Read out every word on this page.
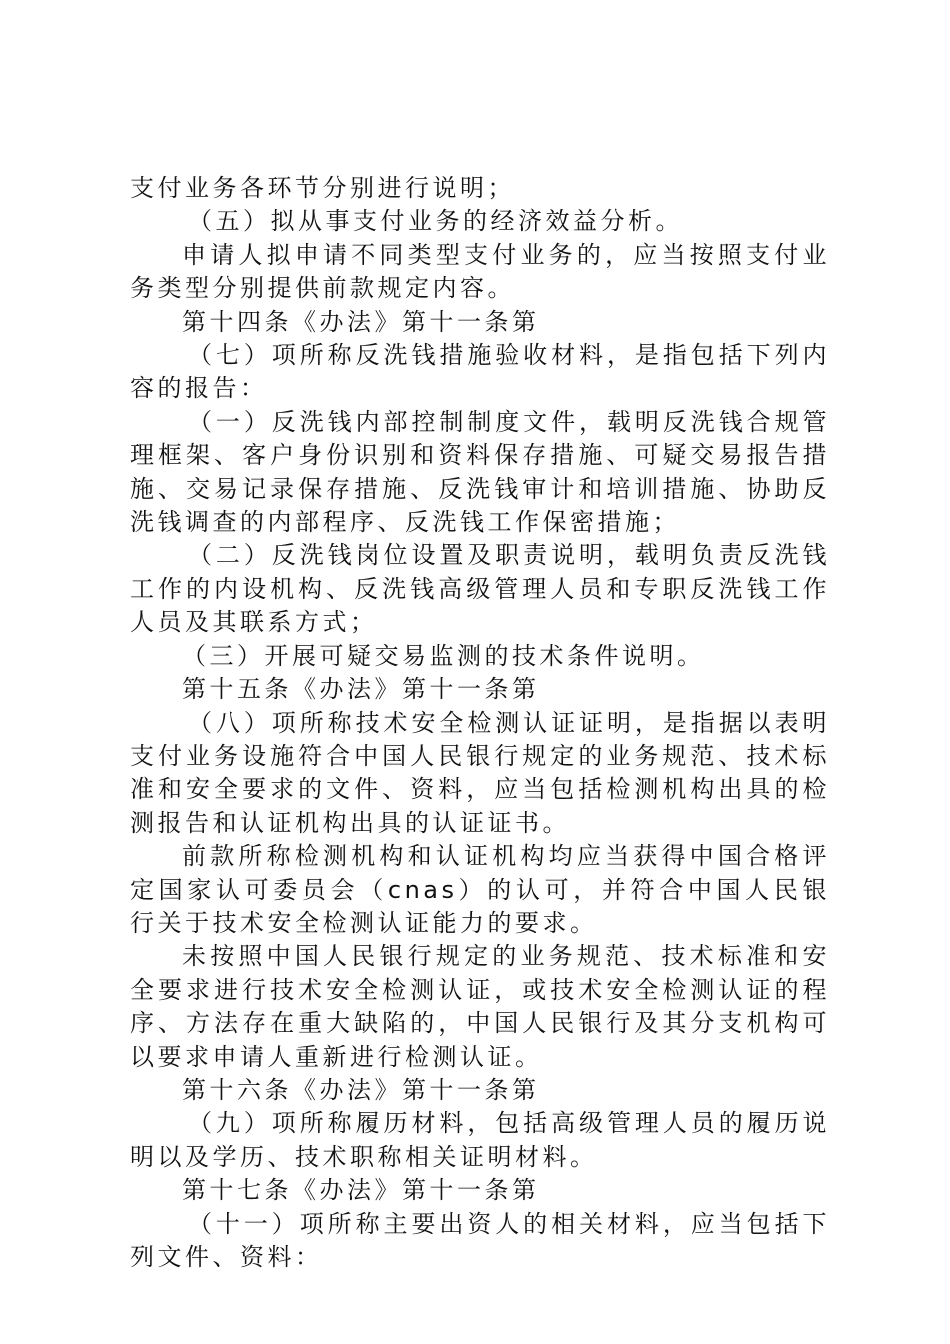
支付业务各环节分别进行说明；

（五）拟从事支付业务的经济效益分析。

申请人拟申请不同类型支付业务的，应当按照支付业务类型分别提供前款规定内容。

第十四条《办法》第十一条第

（七）项所称反洗钱措施验收材料，是指包括下列内容的报告：

（一）反洗钱内部控制制度文件，载明反洗钱合规管理框架、客户身份识别和资料保存措施、可疑交易报告措施、交易记录保存措施、反洗钱审计和培训措施、协助反洗钱调查的内部程序、反洗钱工作保密措施；

（二）反洗钱岗位设置及职责说明，载明负责反洗钱工作的内设机构、反洗钱高级管理人员和专职反洗钱工作人员及其联系方式；

（三）开展可疑交易监测的技术条件说明。

第十五条《办法》第十一条第

（八）项所称技术安全检测认证证明，是指据以表明支付业务设施符合中国人民银行规定的业务规范、技术标准和安全要求的文件、资料，应当包括检测机构出具的检测报告和认证机构出具的认证证书。

前款所称检测机构和认证机构均应当获得中国合格评定国家认可委员会（cnas）的认可，并符合中国人民银行关于技术安全检测认证能力的要求。

未按照中国人民银行规定的业务规范、技术标准和安全要求进行技术安全检测认证，或技术安全检测认证的程序、方法存在重大缺陷的，中国人民银行及其分支机构可以要求申请人重新进行检测认证。

第十六条《办法》第十一条第

（九）项所称履历材料，包括高级管理人员的履历说明以及学历、技术职称相关证明材料。

第十七条《办法》第十一条第

（十一）项所称主要出资人的相关材料，应当包括下列文件、资料：
